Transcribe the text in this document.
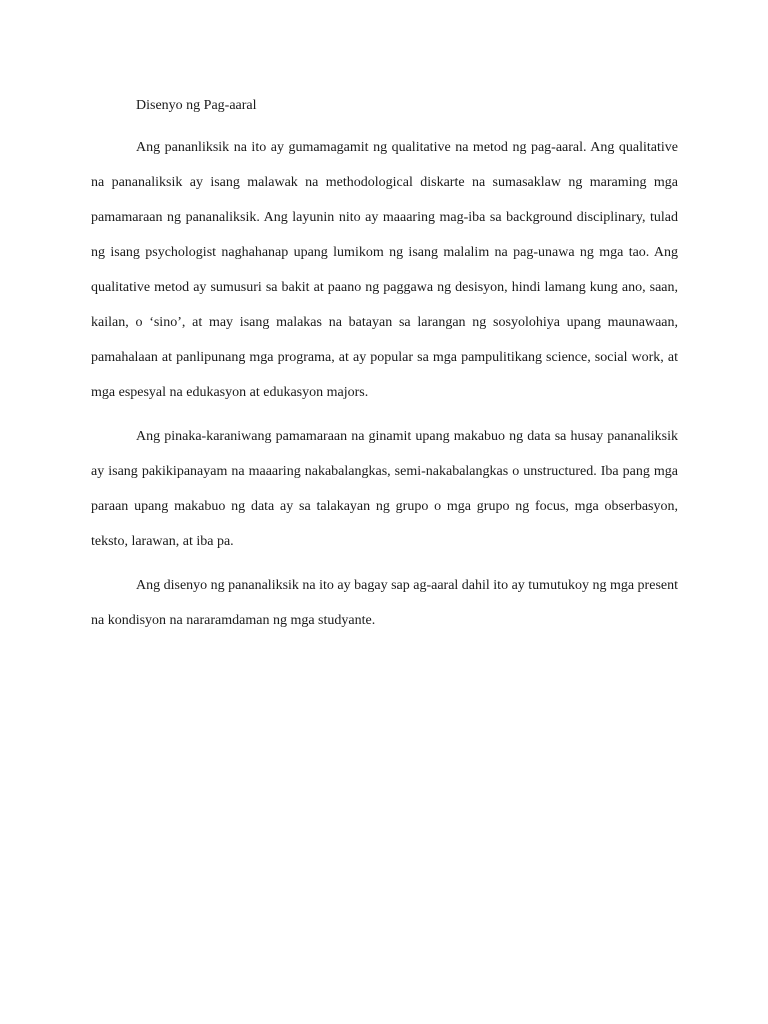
Disenyo ng Pag-aaral

Ang pananliksik na ito ay gumamagamit ng qualitative na metod ng pag-aaral. Ang qualitative na pananaliksik ay isang malawak na methodological diskarte na sumasaklaw ng maraming mga pamamaraan ng pananaliksik. Ang layunin nito ay maaaring mag-iba sa background disciplinary, tulad ng isang psychologist naghahanap upang lumikom ng isang malalim na pag-unawa ng mga tao. Ang qualitative metod ay sumusuri sa bakit at paano ng paggawa ng desisyon, hindi lamang kung ano, saan, kailan, o ‘sino’, at may isang malakas na batayan sa larangan ng sosyolohiya upang maunawaan, pamahalaan at panlipunang mga programa, at ay popular sa mga pampulitikang science, social work, at mga espesyal na edukasyon at edukasyon majors.

Ang pinaka-karaniwang pamamaraan na ginamit upang makabuo ng data sa husay pananaliksik ay isang pakikipanayam na maaaring nakabalangkas, semi-nakabalangkas o unstructured. Iba pang mga paraan upang makabuo ng data ay sa talakayan ng grupo o mga grupo ng focus, mga obserbasyon, teksto, larawan, at iba pa.

Ang disenyo ng pananaliksik na ito ay bagay sap ag-aaral dahil ito ay tumutukoy ng mga present na kondisyon na nararamdaman ng mga studyante.
